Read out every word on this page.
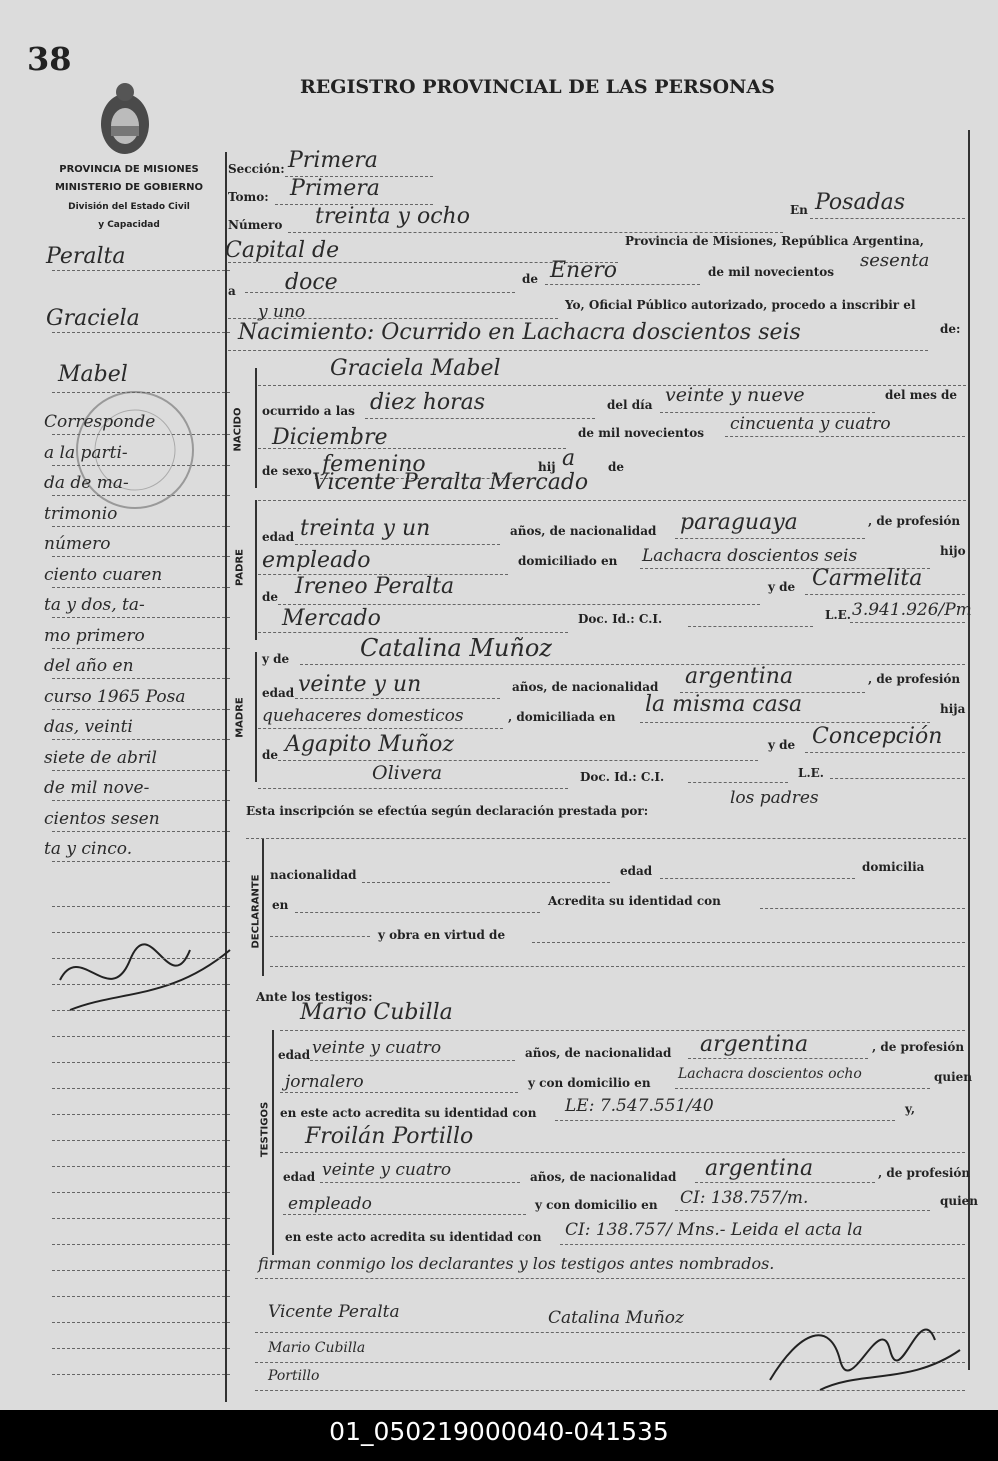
38
PROVINCIA DE MISIONES
MINISTERIO DE GOBIERNO
División del Estado Civil
y Capacidad
REGISTRO PROVINCIAL DE LAS PERSONAS
NACIDO
PADRE
MADRE
DECLARANTE
TESTIGOS
Sección: Primera
Tomo: Primera
Número treinta y ocho	En Posadas
Capital de	Provincia de Misiones, República Argentina,
a doce	de Enero	de mil novecientos
sesenta
y uno	Yo, Oficial Público autorizado, procedo a inscribir el
Nacimiento: Ocurrido en Lachacra doscientos seis	de:
Graciela Mabel
ocurrido a las diez horas	del día veinte y nueve	del mes de
Diciembre	de mil novecientos cincuenta y cuatro
de sexo femenino	hij a	de
Vicente Peralta Mercado
edad treinta y un	años, de nacionalidad paraguaya	, de profesión
empleado	domiciliado en Lachacra doscientos seis	hijo
de Ireneo Peralta	y de Carmelita
Mercado	Doc. Id.: C.I.	L.E. 3.941.926/Pm
y de	Catalina Muñoz
edad veinte y un	años, de nacionalidad argentina	, de profesión
quehaceres domesticos	, domiciliada en la misma casa	hija
de Agapito Muñoz	y de Concepción
Olivera	Doc. Id.: C.I.	L.E.
Esta inscripción se efectúa según declaración prestada por:
los padres
nacionalidad	edad	domicilia
en	Acredita su identidad con
y obra en virtud de
Ante los testigos:
Mario Cubilla
edad veinte y cuatro	años, de nacionalidad argentina	, de profesión
jornalero	y con domicilio en
Lachacra doscientos ocho	quien
en este acto acredita su identidad con LE: 7.547.551/40	y,
Froilán Portillo
edad veinte y cuatro	años, de nacionalidad argentina	, de profesión
empleado	y con domicilio en CI: 138.757/m.	quien
en este acto acredita su identidad con CI: 138.757/ Mns.- Leida el acta la
firman conmigo los declarantes y los testigos antes nombrados.
Vicente Peralta	Catalina Muñoz
Mario Cubilla
Portillo
Peralta
Graciela
Mabel
Corresponde
a la parti-
da de ma-
trimonio
número
ciento cuaren
ta y dos, ta-
mo primero
del año en
curso 1965 Posa
das, veinti
siete de abril
de mil nove-
cientos sesen
ta y cinco.
01_050219000040-041535
